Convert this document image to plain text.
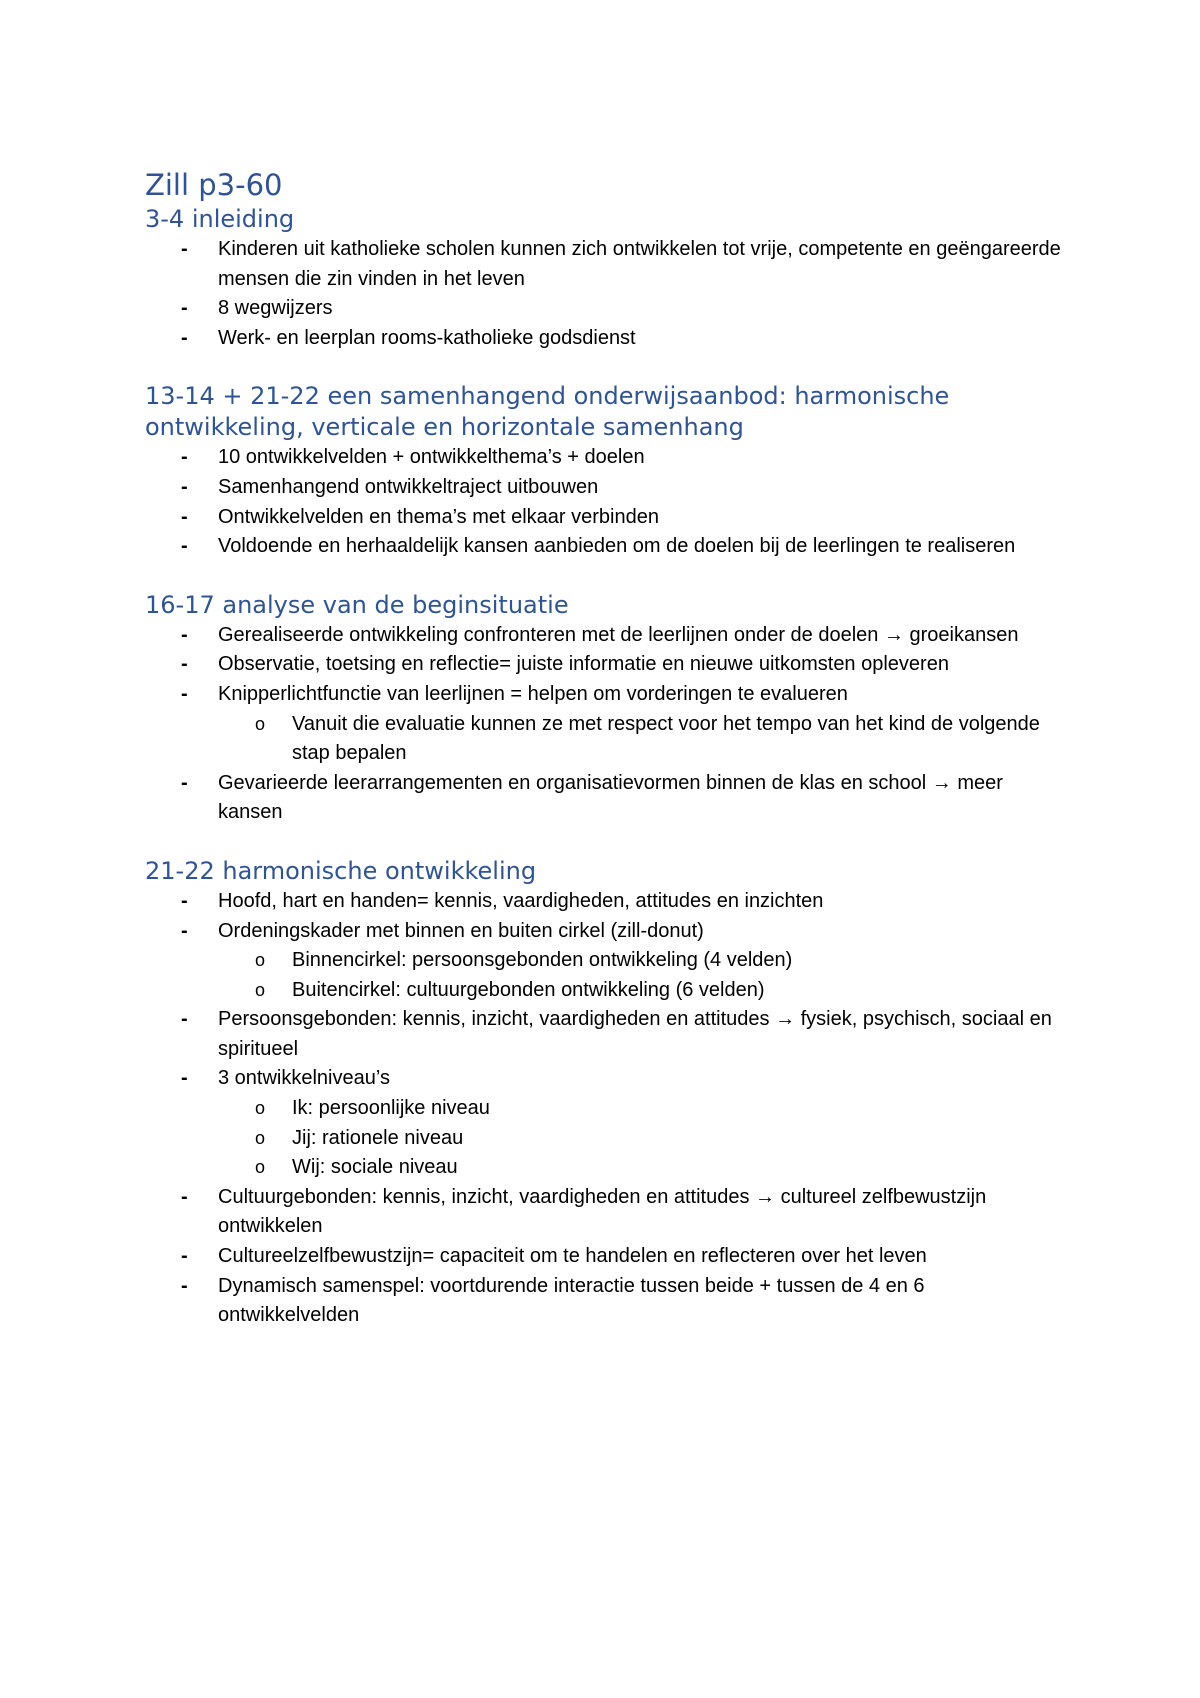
Zill p3-60
3-4 inleiding
- Kinderen uit katholieke scholen kunnen zich ontwikkelen tot vrije, competente en geëngareerde mensen die zin vinden in het leven
- 8 wegwijzers
- Werk- en leerplan rooms-katholieke godsdienst
13-14 + 21-22 een samenhangend onderwijsaanbod: harmonische ontwikkeling, verticale en horizontale samenhang
- 10 ontwikkelvelden + ontwikkelthema’s + doelen
- Samenhangend ontwikkeltraject uitbouwen
- Ontwikkelvelden en thema’s met elkaar verbinden
- Voldoende en herhaaldelijk kansen aanbieden om de doelen bij de leerlingen te realiseren
16-17 analyse van de beginsituatie
- Gerealiseerde ontwikkeling confronteren met de leerlijnen onder de doelen → groeikansen
- Observatie, toetsing en reflectie= juiste informatie en nieuwe uitkomsten opleveren
- Knipperlichtfunctie van leerlijnen = helpen om vorderingen te evalueren
o Vanuit die evaluatie kunnen ze met respect voor het tempo van het kind de volgende stap bepalen
- Gevarieerde leerarrangementen en organisatievormen binnen de klas en school → meer kansen
21-22 harmonische ontwikkeling
- Hoofd, hart en handen= kennis, vaardigheden, attitudes en inzichten
- Ordeningskader met binnen en buiten cirkel (zill-donut)
o Binnencirkel: persoonsgebonden ontwikkeling (4 velden)
o Buitencirkel: cultuurgebonden ontwikkeling (6 velden)
- Persoonsgebonden: kennis, inzicht, vaardigheden en attitudes → fysiek, psychisch, sociaal en spiritueel
- 3 ontwikkelniveau’s
o Ik: persoonlijke niveau
o Jij: rationele niveau
o Wij: sociale niveau
- Cultuurgebonden: kennis, inzicht, vaardigheden en attitudes → cultureel zelfbewustzijn ontwikkelen
- Cultureelzelfbewustzijn= capaciteit om te handelen en reflecteren over het leven
- Dynamisch samenspel: voortdurende interactie tussen beide + tussen de 4 en 6 ontwikkelvelden
